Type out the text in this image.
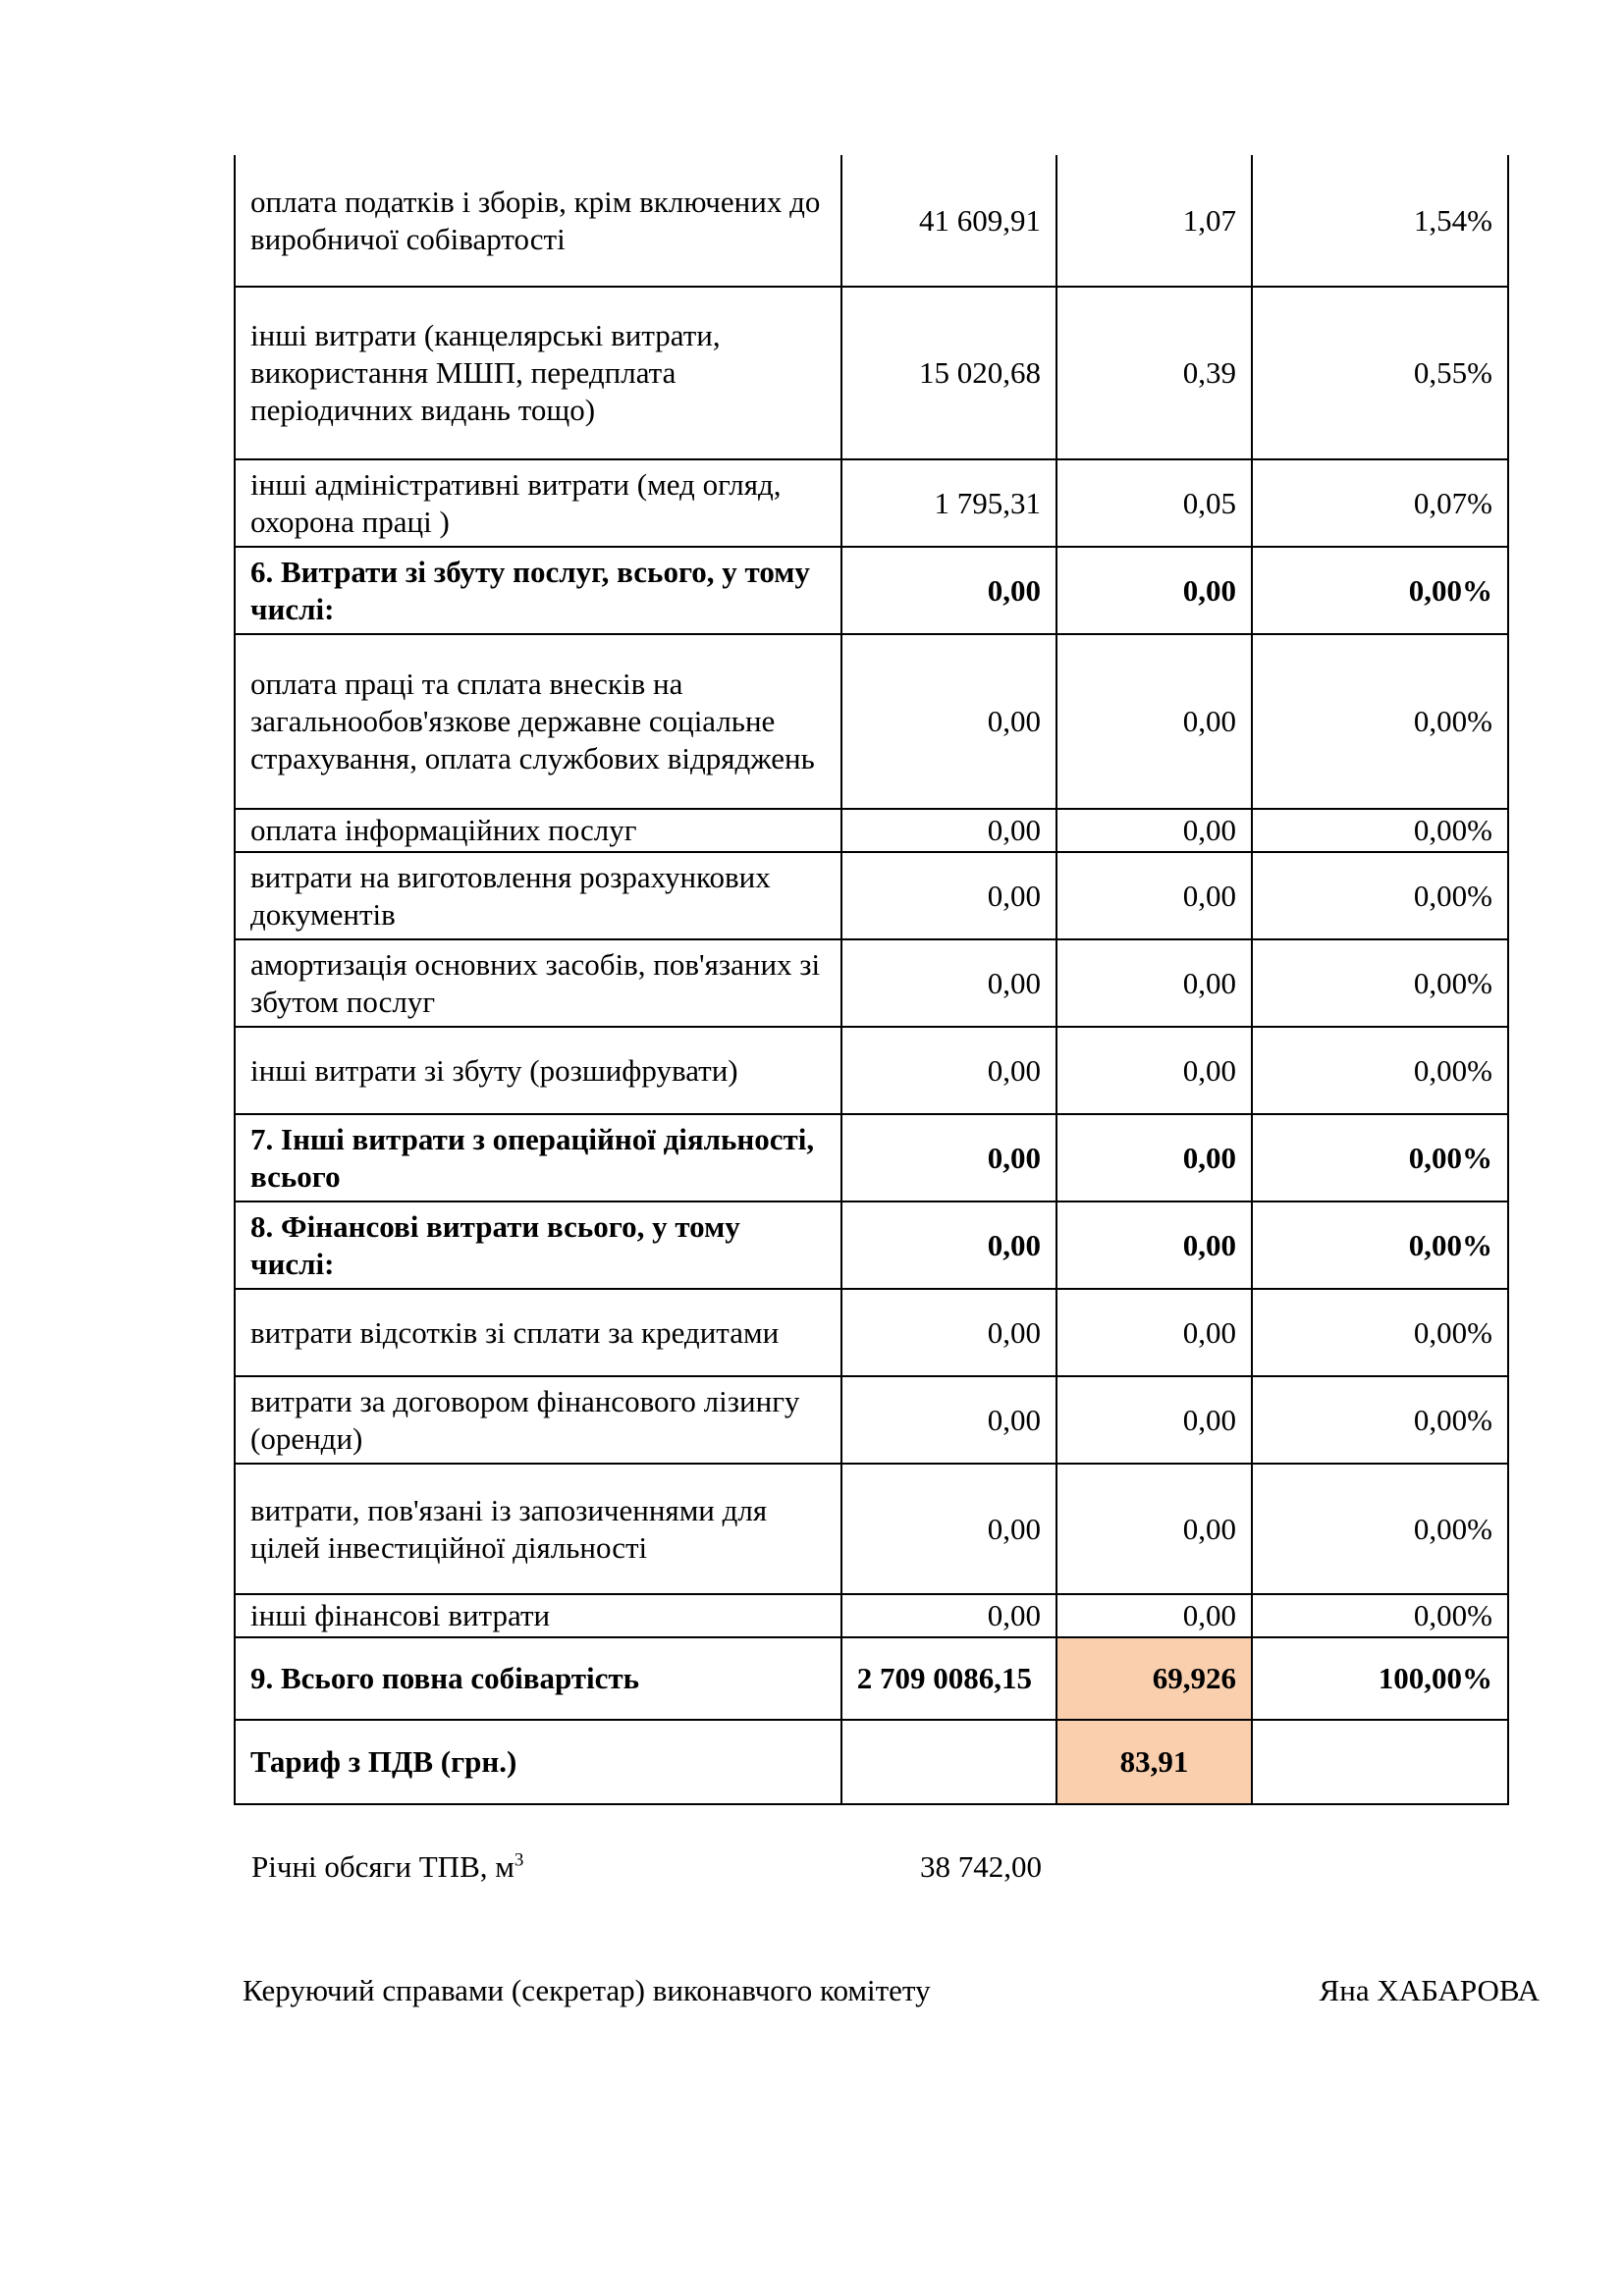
оплата податків і зборів, крім включених до виробничої собівартості	41 609,91	1,07	1,54%
інші витрати (канцелярські витрати, використання МШП, передплата періодичних видань тощо)	15 020,68	0,39	0,55%
інші адміністративні витрати (мед огляд, охорона праці )	1 795,31	0,05	0,07%
6. Витрати зі збуту послуг, всього, у тому числі:	0,00	0,00	0,00%
оплата праці та сплата внесків на загальнообов'язкове державне соціальне страхування, оплата службових відряджень	0,00	0,00	0,00%
оплата інформаційних послуг	0,00	0,00	0,00%
витрати на виготовлення розрахункових документів	0,00	0,00	0,00%
амортизація основних засобів, пов'язаних зі збутом послуг	0,00	0,00	0,00%
інші витрати зі збуту (розшифрувати)	0,00	0,00	0,00%
7. Інші витрати з операційної діяльності, всього	0,00	0,00	0,00%
8. Фінансові витрати всього, у тому числі:	0,00	0,00	0,00%
витрати відсотків зі сплати за кредитами	0,00	0,00	0,00%
витрати за договором фінансового лізингу (оренди)	0,00	0,00	0,00%
витрати, пов'язані із запозиченнями для цілей інвестиційної діяльності	0,00	0,00	0,00%
інші фінансові витрати	0,00	0,00	0,00%
9. Всього повна собівартість	2 709 0086,15	69,926	100,00%
Тариф з ПДВ (грн.)		83,91	
Річні обсяги ТПВ, $м^3$	38 742,00
Керуючий справами (секретар) виконавчого комітету	Яна ХАБАРОВА
